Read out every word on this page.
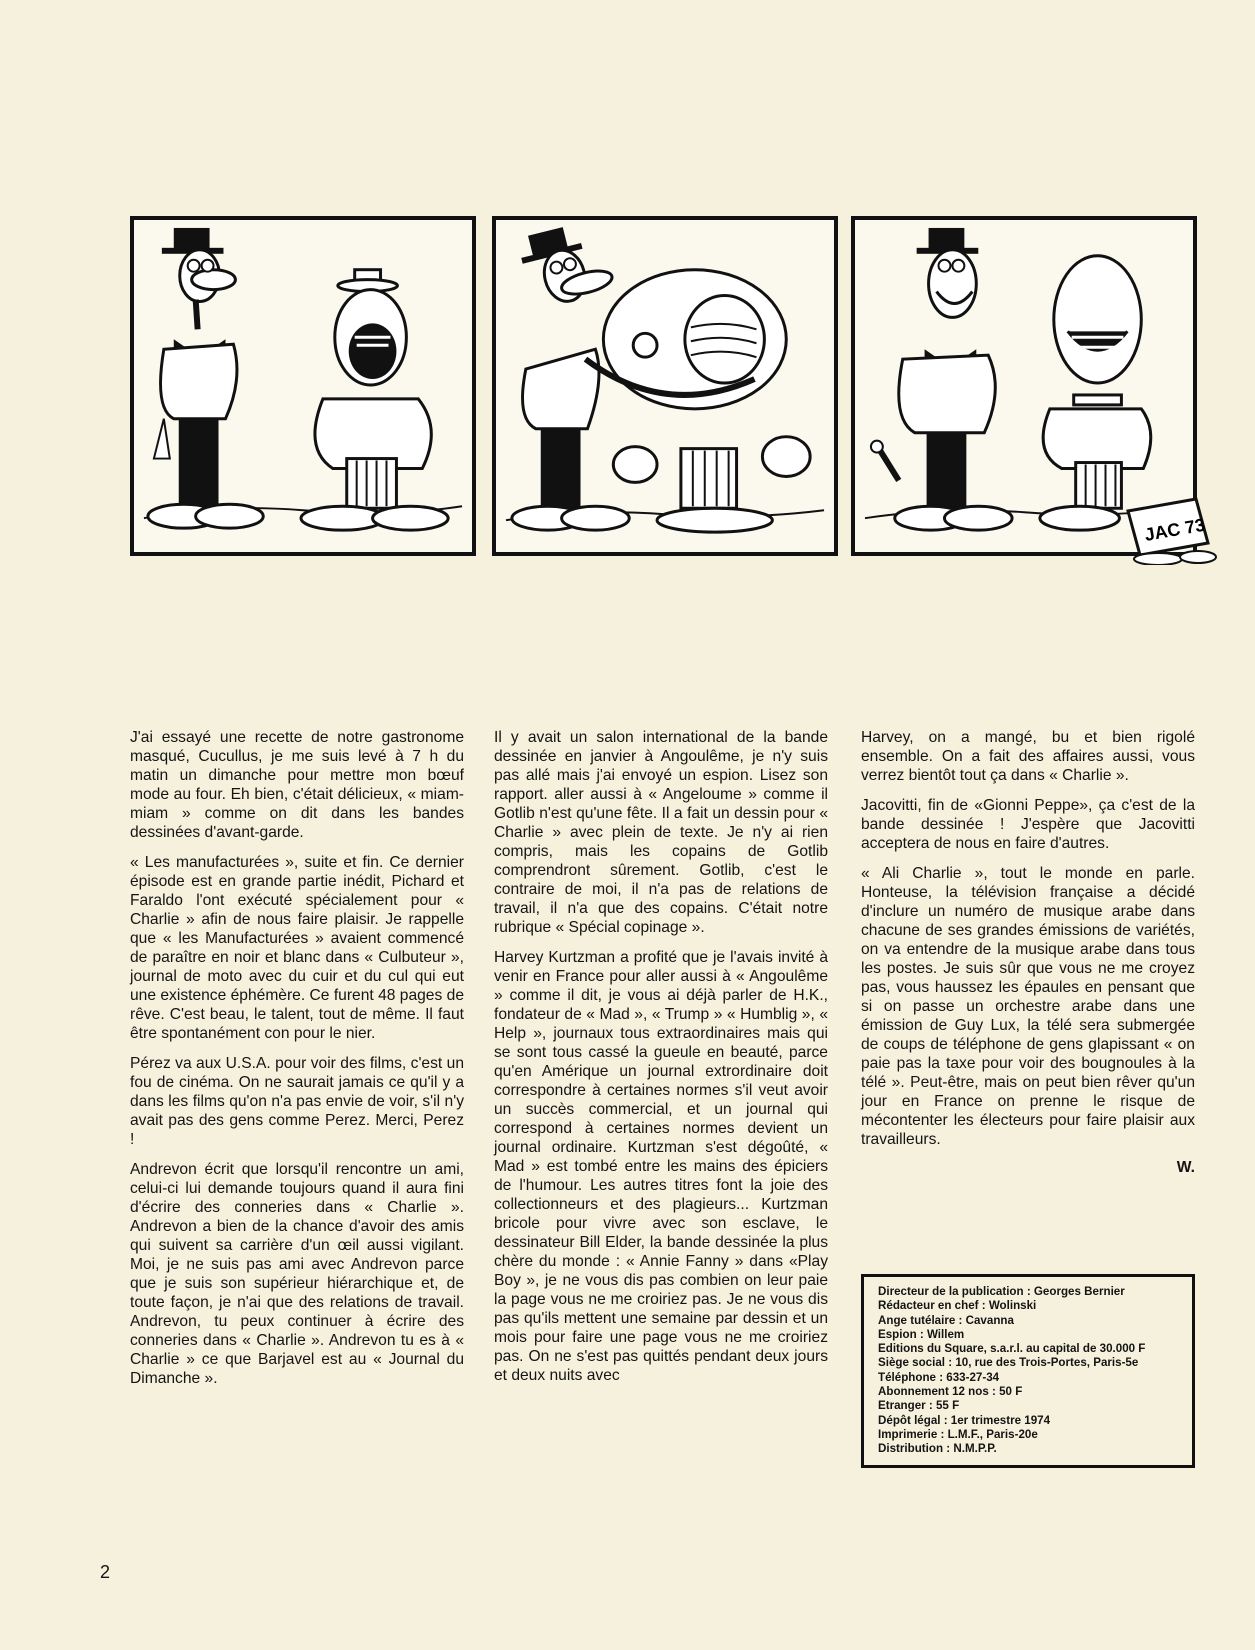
JAC 73

J'ai essayé une recette de notre gastronome masqué, Cucullus, je me suis levé à 7 h du matin un dimanche pour mettre mon bœuf mode au four. Eh bien, c'était délicieux, « miam-miam » comme on dit dans les bandes dessinées d'avant-garde.

« Les manufacturées », suite et fin. Ce dernier épisode est en grande partie inédit, Pichard et Faraldo l'ont exécuté spécialement pour « Charlie » afin de nous faire plaisir. Je rappelle que « les Manufacturées » avaient commencé de paraître en noir et blanc dans « Culbuteur », journal de moto avec du cuir et du cul qui eut une existence éphémère. Ce furent 48 pages de rêve. C'est beau, le talent, tout de même. Il faut être spontanément con pour le nier.

Pérez va aux U.S.A. pour voir des films, c'est un fou de cinéma. On ne saurait jamais ce qu'il y a dans les films qu'on n'a pas envie de voir, s'il n'y avait pas des gens comme Perez. Merci, Perez !

Andrevon écrit que lorsqu'il rencontre un ami, celui-ci lui demande toujours quand il aura fini d'écrire des conneries dans « Charlie ». Andrevon a bien de la chance d'avoir des amis qui suivent sa carrière d'un œil aussi vigilant. Moi, je ne suis pas ami avec Andrevon parce que je suis son supérieur hiérarchique et, de toute façon, je n'ai que des relations de travail. Andrevon, tu peux continuer à écrire des conneries dans « Charlie ». Andrevon tu es à « Charlie » ce que Barjavel est au « Journal du Dimanche ».

Il y avait un salon international de la bande dessinée en janvier à Angoulême, je n'y suis pas allé mais j'ai envoyé un espion. Lisez son rapport. aller aussi à « Angeloume » comme il Gotlib n'est qu'une fête. Il a fait un dessin pour « Charlie » avec plein de texte. Je n'y ai rien compris, mais les copains de Gotlib comprendront sûrement. Gotlib, c'est le contraire de moi, il n'a pas de relations de travail, il n'a que des copains. C'était notre rubrique « Spécial copinage ».

Harvey Kurtzman a profité que je l'avais invité à venir en France pour aller aussi à « Angoulême » comme il dit, je vous ai déjà parler de H.K., fondateur de « Mad », « Trump » « Humblig », « Help », journaux tous extraordinaires mais qui se sont tous cassé la gueule en beauté, parce qu'en Amérique un journal extrordinaire doit correspondre à certaines normes s'il veut avoir un succès commercial, et un journal qui correspond à certaines normes devient un journal ordinaire. Kurtzman s'est dégoûté, « Mad » est tombé entre les mains des épiciers de l'humour. Les autres titres font la joie des collectionneurs et des plagieurs... Kurtzman bricole pour vivre avec son esclave, le dessinateur Bill Elder, la bande dessinée la plus chère du monde : « Annie Fanny » dans «Play Boy », je ne vous dis pas combien on leur paie la page vous ne me croiriez pas. Je ne vous dis pas qu'ils mettent une semaine par dessin et un mois pour faire une page vous ne me croiriez pas. On ne s'est pas quittés pendant deux jours et deux nuits avec

Harvey, on a mangé, bu et bien rigolé ensemble. On a fait des affaires aussi, vous verrez bientôt tout ça dans « Charlie ».

Jacovitti, fin de «Gionni Peppe», ça c'est de la bande dessinée ! J'espère que Jacovitti acceptera de nous en faire d'autres.

« Ali Charlie », tout le monde en parle. Honteuse, la télévision française a décidé d'inclure un numéro de musique arabe dans chacune de ses grandes émissions de variétés, on va entendre de la musique arabe dans tous les postes. Je suis sûr que vous ne me croyez pas, vous haussez les épaules en pensant que si on passe un orchestre arabe dans une émission de Guy Lux, la télé sera submergée de coups de téléphone de gens glapissant « on paie pas la taxe pour voir des bougnoules à la télé ». Peut-être, mais on peut bien rêver qu'un jour en France on prenne le risque de mécontenter les électeurs pour faire plaisir aux travailleurs.

W.
Directeur de la publication : Georges Bernier
Rédacteur en chef : Wolinski
Ange tutélaire : Cavanna
Espion : Willem
Editions du Square, s.a.r.l. au capital de 30.000 F
Siège social : 10, rue des Trois-Portes, Paris-5e
Téléphone : 633-27-34
Abonnement 12 nos : 50 F
Etranger : 55 F
Dépôt légal : 1er trimestre 1974
Imprimerie : L.M.F., Paris-20e
Distribution : N.M.P.P.
2
